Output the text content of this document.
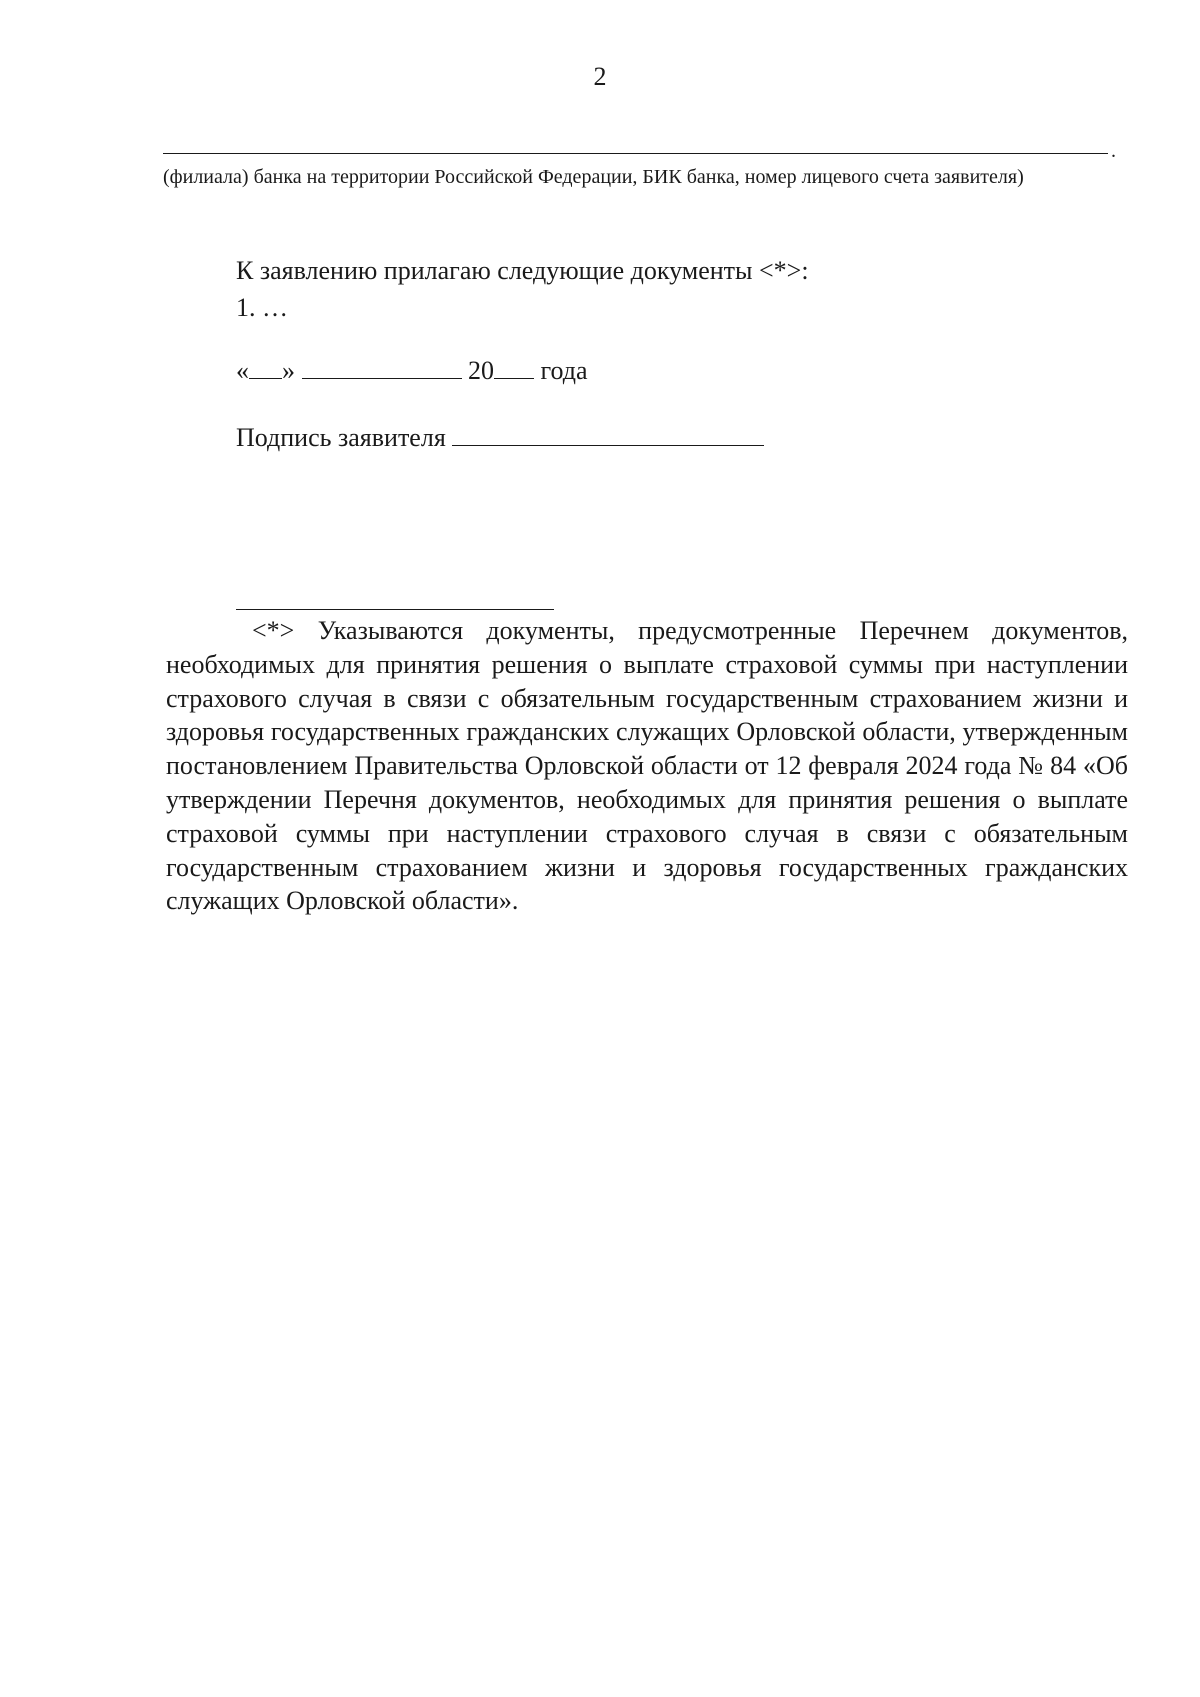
2
.
(филиала) банка на территории Российской Федерации, БИК банка, номер лицевого счета заявителя)
К заявлению прилагаю следующие документы <*>:
1. …
« »	20 года
Подпись заявителя
<*> Указываются документы, предусмотренные Перечнем документов, необходимых для принятия решения о выплате страховой суммы при наступлении страхового случая в связи с обязательным государственным страхованием жизни и здоровья государственных гражданских служащих Орловской области, утвержденным постановлением Правительства Орловской области от 12 февраля 2024 года № 84 «Об утверждении Перечня документов, необходимых для принятия решения о выплате страховой суммы при наступлении страхового случая в связи с обязательным государственным страхованием жизни и здоровья государственных гражданских служащих Орловской области».
